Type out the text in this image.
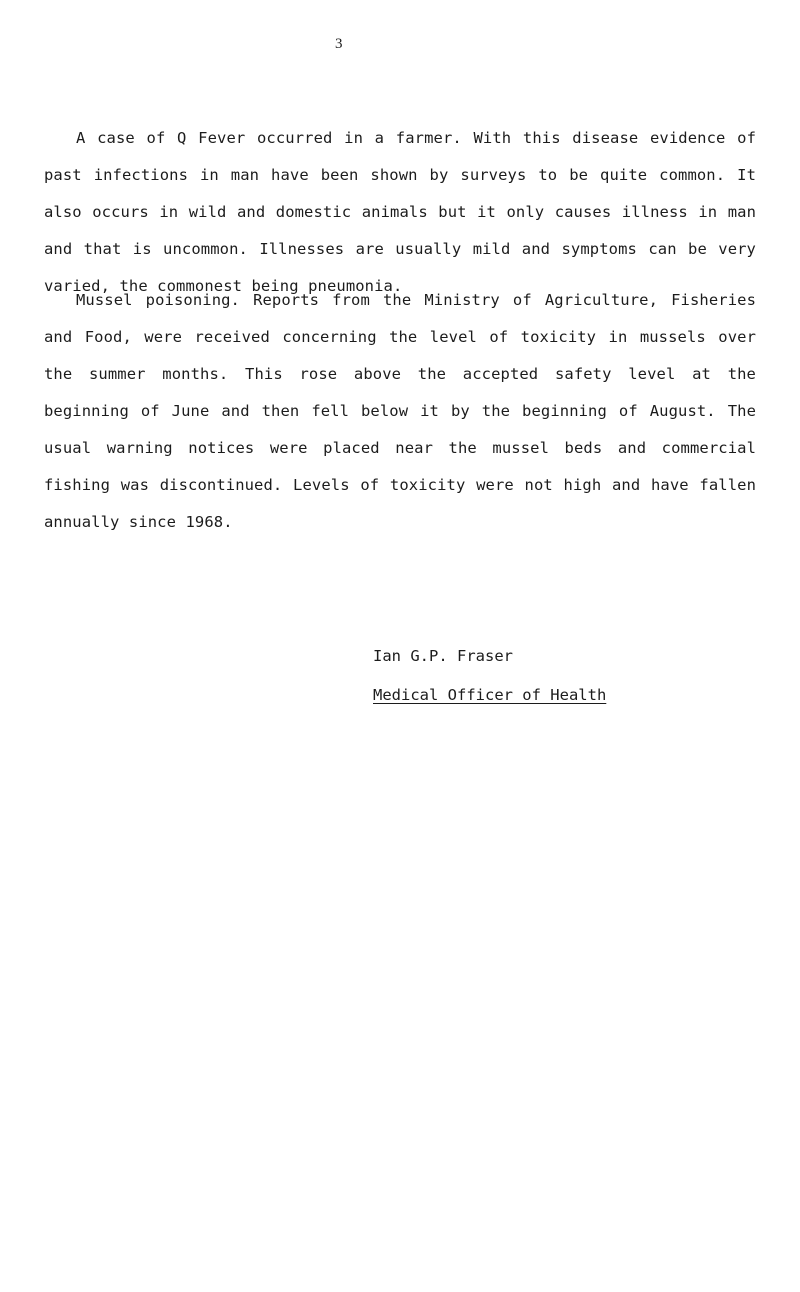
3

A case of Q Fever occurred in a farmer. With this disease evidence of past infections in man have been shown by surveys to be quite common. It also occurs in wild and domestic animals but it only causes illness in man and that is uncommon. Illnesses are usually mild and symptoms can be very varied, the commonest being pneumonia.

Mussel poisoning. Reports from the Ministry of Agriculture, Fisheries and Food, were received concerning the level of toxicity in mussels over the summer months. This rose above the accepted safety level at the beginning of June and then fell below it by the beginning of August. The usual warning notices were placed near the mussel beds and commercial fishing was discontinued. Levels of toxicity were not high and have fallen annually since 1968.

Ian G.P. Fraser
Medical Officer of Health
